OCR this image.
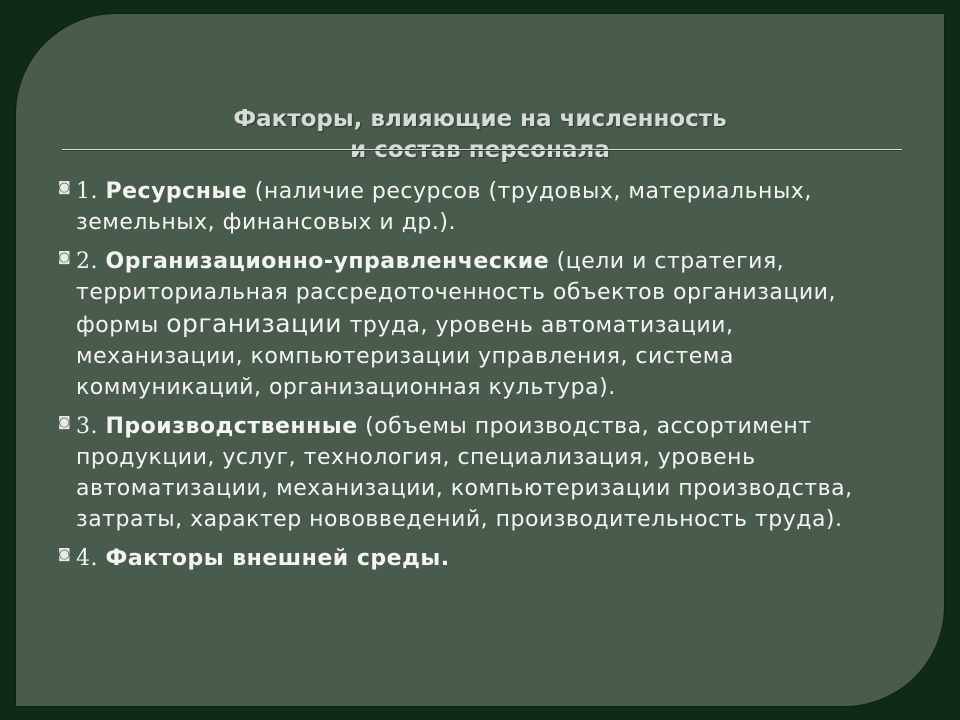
Факторы, влияющие на численность
и состав персонала
◙ 1. Ресурсные (наличие ресурсов (трудовых, материальных, земельных, финансовых и др.).
◙ 2. Организационно-управленческие (цели и стратегия, территориальная рассредоточенность объектов организации, формы организации труда, уровень автоматизации, механизации, компьютеризации управления, система коммуникаций, организационная культура).
◙ 3. Производственные (объемы производства, ассортимент продукции, услуг, технология, специализация, уровень автоматизации, механизации, компьютеризации производства, затраты, характер нововведений, производительность труда).
◙ 4. Факторы внешней среды.
